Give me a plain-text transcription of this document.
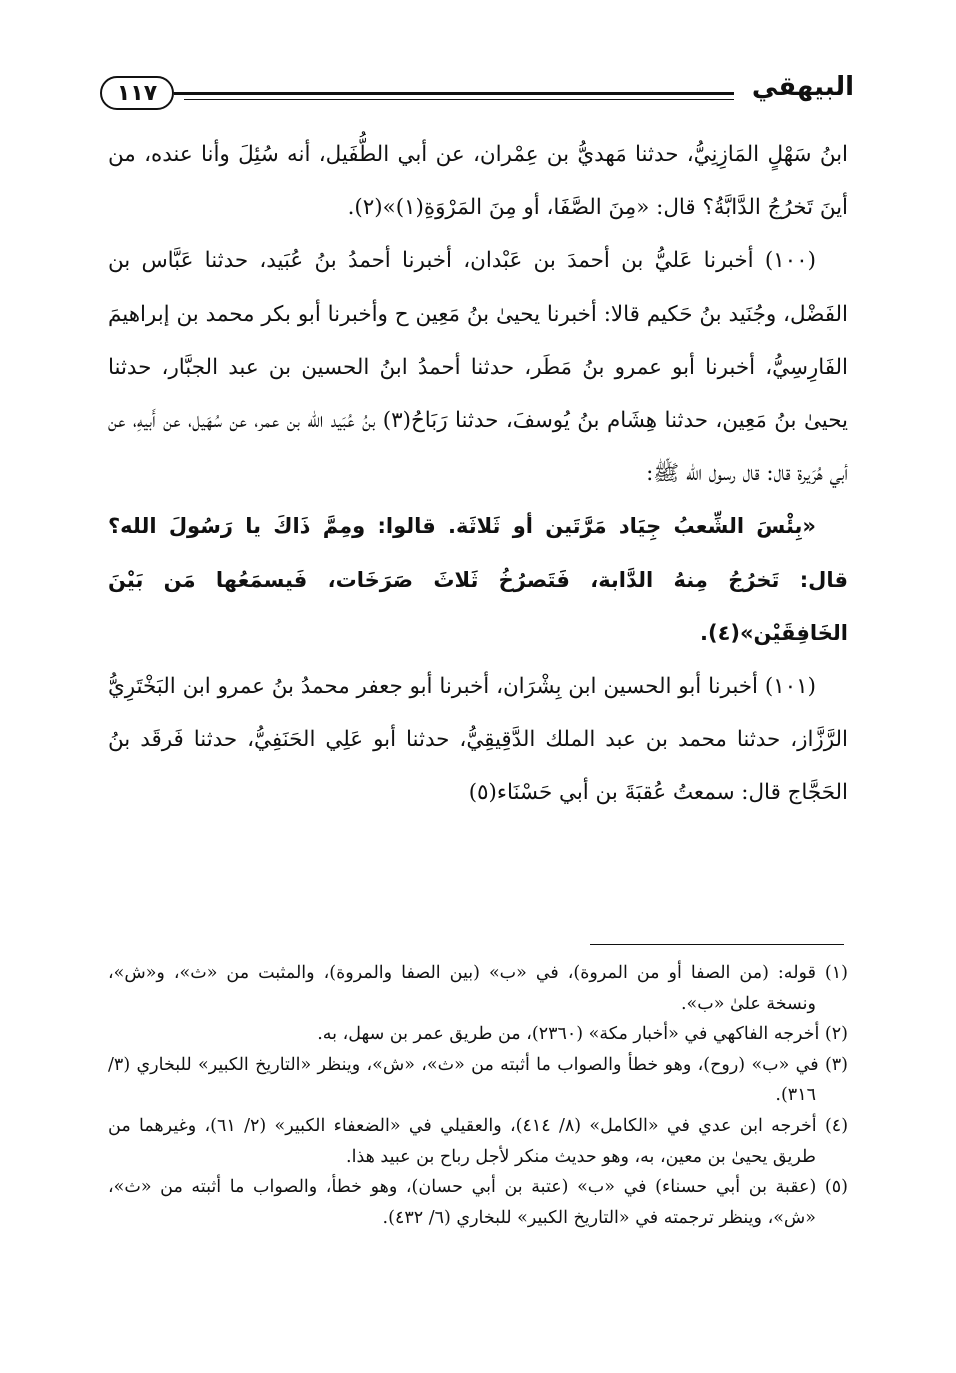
١١٧	البيهقي

ابنُ سَهْلٍ المَازِنِيُّ، حدثنا مَهديُّ بن عِمْران، عن أبي الطُّفَيل، أنه سُئِلَ وأنا عنده، من أينَ تَخرُجُ الدَّابَّةُ؟ قال: «مِنَ الصَّفَا، أو مِنَ المَرْوَةِ(١)»(٢).

(١٠٠) أخبرنا عَليُّ بن أحمدَ بن عَبْدان، أخبرنا أحمدُ بنُ عُبَيد، حدثنا عَبَّاس بن الفَضْل، وجُنَيد بنُ حَكيم قالا: أخبرنا يحيىٰ بنُ مَعِين ح وأخبرنا أبو بكر محمد بن إبراهيمَ الفَارِسِيُّ، أخبرنا أبو عمرو بنُ مَطَر، حدثنا أحمدُ ابنُ الحسين بن عبد الجبَّار، حدثنا يحيىٰ بنُ مَعِين، حدثنا هِشَام بنُ يُوسفَ، حدثنا رَبَاحُ(٣) بنُ عُبَيد الله بن عمر، عن سُهَيل، عن أَبيهِ، عن أبي هُرَيرة قال: قال رسول الله ﷺ:

«بِئْسَ الشِّعبُ جِيَاد مَرَّتَين أو ثَلاثَة. قالوا: ومِمَّ ذَاكَ يا رَسُولَ الله؟ قال: تَخرُجُ مِنهُ الدَّابة، فَتَصرُخُ ثَلاثَ صَرَخَات، فَيسمَعُها مَن بَيْنَ الخَافِقَيْن»(٤).

(١٠١) أخبرنا أبو الحسين ابن بِشْرَان، أخبرنا أبو جعفر محمدُ بنُ عمرو ابن البَخْتَرِيُّ الرَّزَّاز، حدثنا محمد بن عبد الملك الدَّقِيقِيُّ، حدثنا أبو عَلِي الحَنَفِيُّ، حدثنا فَرقَد بنُ الحَجَّاج قال: سمعتُ عُقبَةَ بن أبي حَسْنَاء(٥)

(١) قوله: (من الصفا أو من المروة)، في «ب» (بين الصفا والمروة)، والمثبت من «ث»، و«ش»، ونسخة علىٰ «ب».

(٢) أخرجه الفاكهي في «أخبار مكة» (٢٣٦٠)، من طريق عمر بن سهل، به.

(٣) في «ب» (روح)، وهو خطأ والصواب ما أثبته من «ث»، «ش»، وينظر «التاريخ الكبير» للبخاري (٣/ ٣١٦).

(٤) أخرجه ابن عدي في «الكامل» (٨/ ٤١٤)، والعقيلي في «الضعفاء الكبير» (٢/ ٦١)، وغيرهما من طريق يحيىٰ بن معين، به، وهو حديث منكر لأجل رباح بن عبيد هذا.

(٥) (عقبة بن أبي حسناء) في «ب» (عتبة بن أبي حسان)، وهو خطأ، والصواب ما أثبته من «ث»، «ش»، وينظر ترجمته في «التاريخ الكبير» للبخاري (٦/ ٤٣٢).
